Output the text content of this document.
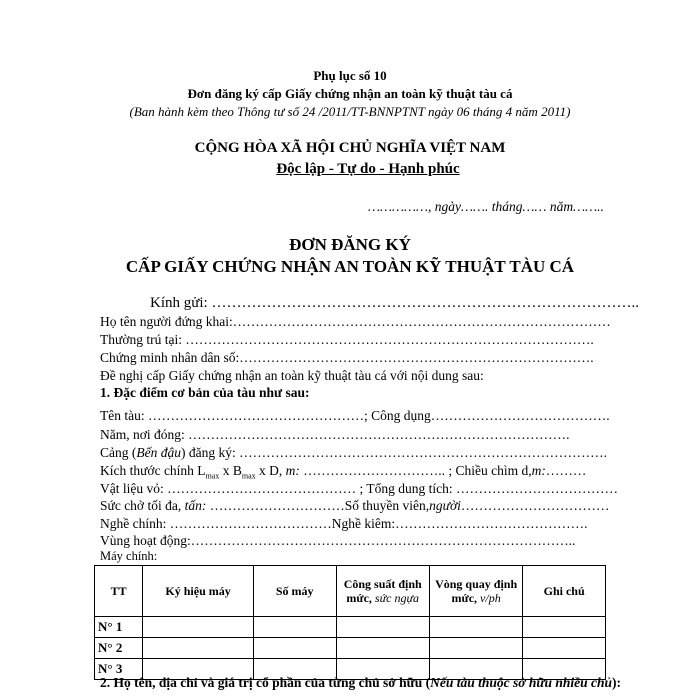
Phụ lục số 10
Đơn đăng ký cấp Giấy chứng nhận an toàn kỹ thuật tàu cá
(Ban hành kèm theo Thông tư số 24 /2011/TT-BNNPTNT ngày 06 tháng 4 năm 2011)
CỘNG HÒA XÃ HỘI CHỦ NGHĨA VIỆT NAM
Độc lập - Tự do - Hạnh phúc
……………, ngày……. tháng…… năm……..
ĐƠN ĐĂNG KÝ
CẤP GIẤY CHỨNG NHẬN AN TOÀN KỸ THUẬT TÀU CÁ
Kính gửi: …………………………………………………………………………..
Họ tên người đứng khai:…………………………………………………………………………
Thường trú tại: ……………………………………………………………………………….
Chứng minh nhân dân số:…………………………………………………………………….
Đề nghị cấp Giấy chứng nhận an toàn kỹ thuật tàu cá với nội dung sau:
1. Đặc điểm cơ bản của tàu như sau:
Tên tàu: …………………………………………; Công dụng………………………………….
Năm, nơi đóng: ………………………………………………………………………….
Cảng (Bến đậu) đăng ký: ……………………………………………………………………….
Kích thước chính $L_{max}$ x $B_{max}$ x D, m: ………………………….. ; Chiều chìm d,m:………
Vật liệu vỏ: …………………………………… ; Tổng dung tích: ………………………………
Sức chở tối đa, tấn: …………………………Số thuyền viên,người……………………………
Nghề chính: ………………………………Nghề kiêm:…………………………………….
Vùng hoạt động:…………………………………………………………………………..
Máy chính:
TT	Ký hiệu máy	Số máy	Công suất định mức, sức ngựa	Vòng quay định mức, v/ph	Ghi chú
N° 1					
N° 2					
N° 3					
2. Họ tên, địa chỉ và giá trị cổ phần của từng chủ sở hữu (Nếu tàu thuộc sở hữu nhiều chủ):
